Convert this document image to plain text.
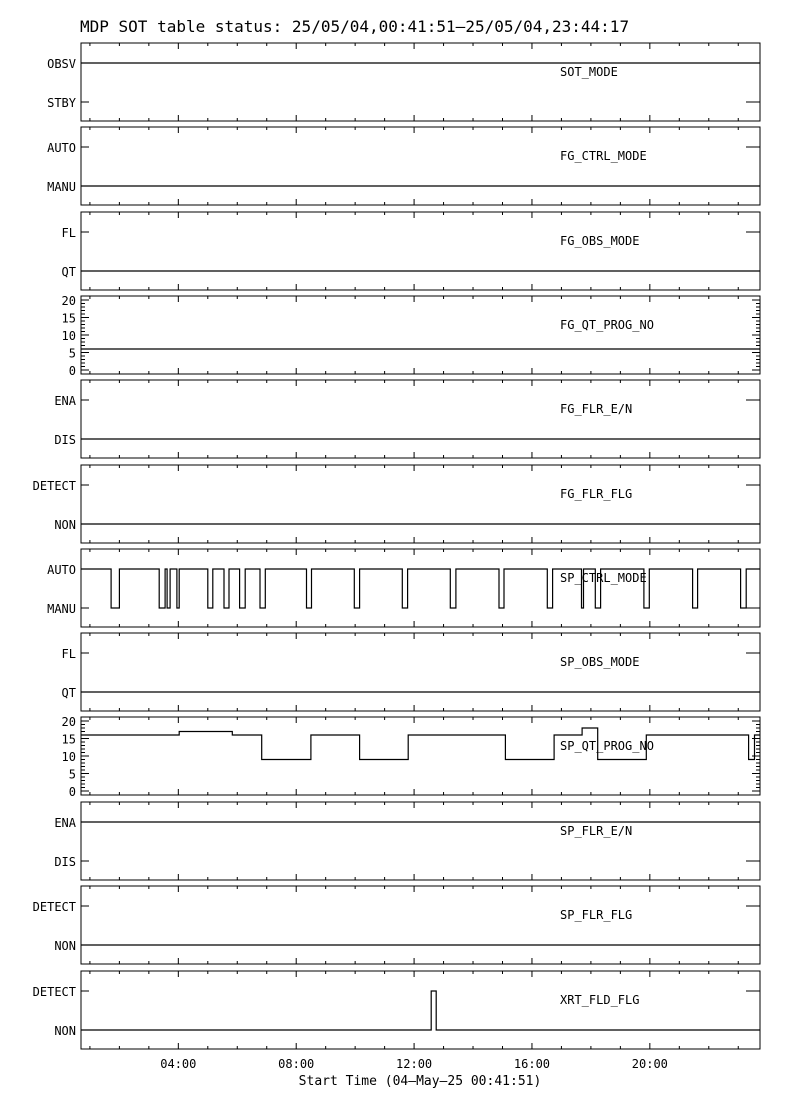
MDP SOT table status: 25/05/04,00:41:51–25/05/04,23:44:17
OBSV
STBY
SOT_MODE
AUTO
MANU
FG_CTRL_MODE
FL
QT
FG_OBS_MODE
20
15
10
5
0
FG_QT_PROG_NO
ENA
DIS
FG_FLR_E/N
DETECT
NON
FG_FLR_FLG
AUTO
MANU
SP_CTRL_MODE
FL
QT
SP_OBS_MODE
20
15
10
5
0
SP_QT_PROG_NO
ENA
DIS
SP_FLR_E/N
DETECT
NON
SP_FLR_FLG
DETECT
NON
XRT_FLD_FLG
04:00	08:00	12:00	16:00	20:00
Start Time (04–May–25 00:41:51)
